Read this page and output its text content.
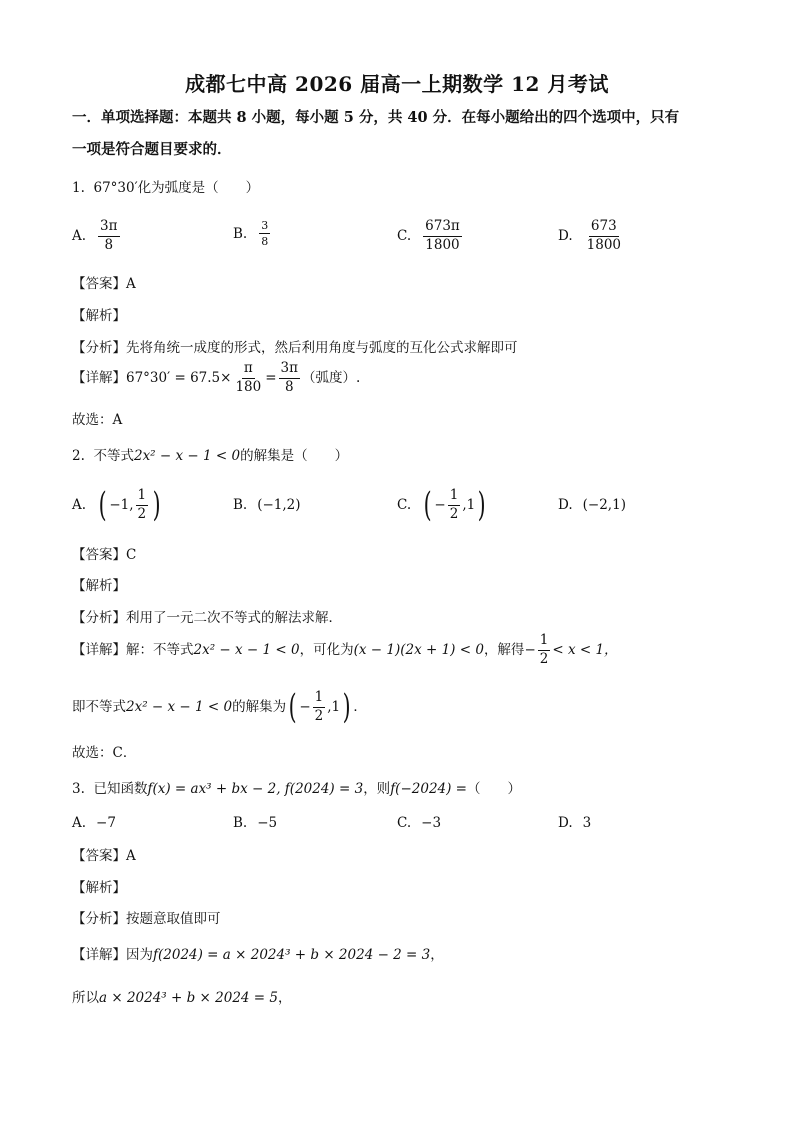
成都七中高 2026 届高一上期数学 12 月考试
一．单项选择题：本题共 8 小题，每小题 5 分，共 40 分．在每小题给出的四个选项中，只有
一项是符合题目要求的．
1. 67°30′化为弧度是（　　）
A. $\frac{3\pi}{8}$	B. $\frac{3}{8}$	C. $\frac{673\pi}{1800}$	D. $\frac{673}{1800}$
【答案】A
【解析】
【分析】先将角统一成度的形式，然后利用角度与弧度的互化公式求解即可
【详解】 $67^\circ 30' = 67.5\times \frac{\pi}{180} = \frac{3\pi}{8}$ （弧度）.
故选：A
2. 不等式2x² − x − 1 < 0的解集是（　　）
A. ( −1, $\frac{1}{2}$ )	B. (−1,2)	C. ( − $\frac{1}{2} ,1$ )	D. (−2,1)
【答案】C
【解析】
【分析】利用了一元二次不等式的解法求解．
【详解】 解：不等式 2x² − x − 1 < 0 ，可化为 (x − 1)(2x + 1) < 0 ，解得 − $\frac{1}{2} < x < 1$，
即不等式 2x² − x − 1 < 0 的解集为 ( − $\frac{1}{2} ,1$ ) ．
故选：C．
3. 已知函数f(x) = ax³ + bx − 2, f(2024) = 3，则f(−2024) =（　　）
A. −7	B. −5	C. −3	D. 3
【答案】A
【解析】
【分析】按题意取值即可
【详解】因为f(2024) = a × 2024³ + b × 2024 − 2 = 3，
所以a × 2024³ + b × 2024 = 5，
